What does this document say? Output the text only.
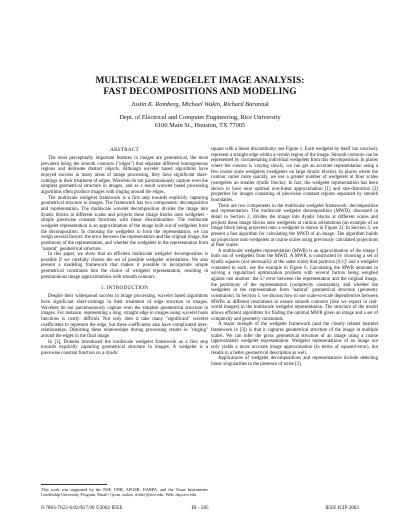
MULTISCALE WEDGELET IMAGE ANALYSIS:
FAST DECOMPOSITIONS AND MODELING
Justin K. Romberg, Michael Wakin, Richard Baraniuk
Dept. of Electrical and Computer Engineering, Rice University
6100 Main St., Houston, TX 77005
ABSTRACT

The most perceptually important features in images are geometrical, the most prevalent being the smooth contours ("edges") that separate different homogeneous regions and delineate distinct objects. Although wavelet based algorithms have enjoyed success in many areas of image processing, they have significant short-comings in their treatment of edges. Wavelets do not parsimoniously capture even the simplest geometrical structure in images, and as a result wavelet based processing algorithms often produce images with ringing around the edges.

The multiscale wedgelet framework is a first step towards explicitly capturing geometrical structure in images. The framework has two components: decomposition and representation. The multiscale wavelet decomposition divides the image into dyadic blocks at different scales and projects these image blocks onto wedgelets - simple piecewise constant functions with linear discontinuities. The multiscale wedgelet representation is an approximation of the image built out of wedgelets from the decomposition. In choosing the wedgelets to form the representation, we can weigh several factors: the error between the representation and the original image, the parsimony of the representation, and whether the wedgelets in the representation form "natural" geometrical structure.

In this paper, we show that an efficient multiscale wedgelet decomposition is possible if we carefully choose the set of possible wedgelet orientations. We also present a modeling framework that makes it possible to incorporate simple geometrical constraints into the choice of wedgelet representation, resulting in parsimonious image approximations with smooth contours.

1. INTRODUCTION

Despite their widespread success in image processing, wavelet based algorithms have significant short-comings in their treatment of edge structure in images. Wavelets do not parsimoniously capture even the simplest geometrical structure in images. For instance, representing a long, straight edge in images using wavelet basis functions is costly: difficult. Not only does it take many "significant" wavelet coefficients to represent the edge, but these coefficients also have complicated inter-relationships. Distorting these relationships during processing results in "ringing" around the edges in the final image.

In [1], Donoho introduced the multiscale wedgelet framework as a first step towards explicitly capturing geometrical structure in images. A wedgelet is a piecewise constant function on a dyadic

square with a linear discontinuity, see Figure 1. Each wedgelet by itself can concisely represent a straight edge within a certain region of the image. Smooth contours can be represented by concatenating individual wedgelets from this decomposition. In places where the contour is varying slowly, we can get an accurate representation using a few coarse scale wedgelets (wedgelets on large dyadic blocks). In places where the contour varies more quickly, we use a greater number of wedgelets at finer scales (wedgelets on smaller dyadic blocks). In fact, the wedgelet representation has been shown to have near optimal non-linear approximation [1] and rate-distortion [2] properties for images consisting of piecewise constant regions separated by smooth boundaries.

There are two components in the multiscale wedgelet framework: decomposition and representation. The multiscale wedgelet decomposition (MWD), discussed in detail in Section 2, divides the image into dyadic blocks at different scales and projects these image blocks onto wedgelets at various orientations (an example of an image block being projected onto a wedgelet is shown in Figure 2). In Section 3, we present a fast algorithm for calculating the MWD of an image. The algorithm builds up projections onto wedgelets at coarse scales using previously calculated projections at finer scales.

A multiscale wedgelet representation (MWR) is an approximation of the image f built out of wedgelets from the MWD. A MWR is constructed by choosing a set of dyadic squares (not necessarily at the same scale) that partition [0,1]² and a wedgelet contained in each; see the example in Figure 6. Calculating the MWR amounts to solving a regularized optimization problem with several factors being weighed against one another: the L² error between the representation and the original image, the parsimony of the representation (complexity constraints), and whether the wedgelets in the representation form "natural" geometrical structure (geometry constraints). In Section 4, we discuss how to use scale-to-scale dependencies between MWRs at different resolutions to ensure smooth contours (like we expect in real-world images) in the multiscale wedgelet representation. The structure of the model allows efficient algorithms for finding the optimal MWR given an image and a set of complexity and geometry constraints.

A major strength of the wedgelet framework (and the closely related beamlet framework in [3]) is that it captures geometrical structure of the image at multiple scales. We can infer the gross geometrical structure of an image using a coarse (approximate) wedgelet representation. Wedgelet representations of an image not only yields a more accurate image approximation (in terms of squared-error), but results in a better geometrical description as well.

Applications of wedgelet decompositions and representations include detecting linear singularities in the presence of noise [3]

This work was supported by the NSF, ONR, AFOSR, DARPA, and the Texas Instruments Leadership University Program. Email: {jrom, wakin, richb}@rice.edu. Web: dsp.rice.edu
0-7803-7622-6/02/$17.00 ©2002 IEEE	III - 585	IEEE ICIP 2002
